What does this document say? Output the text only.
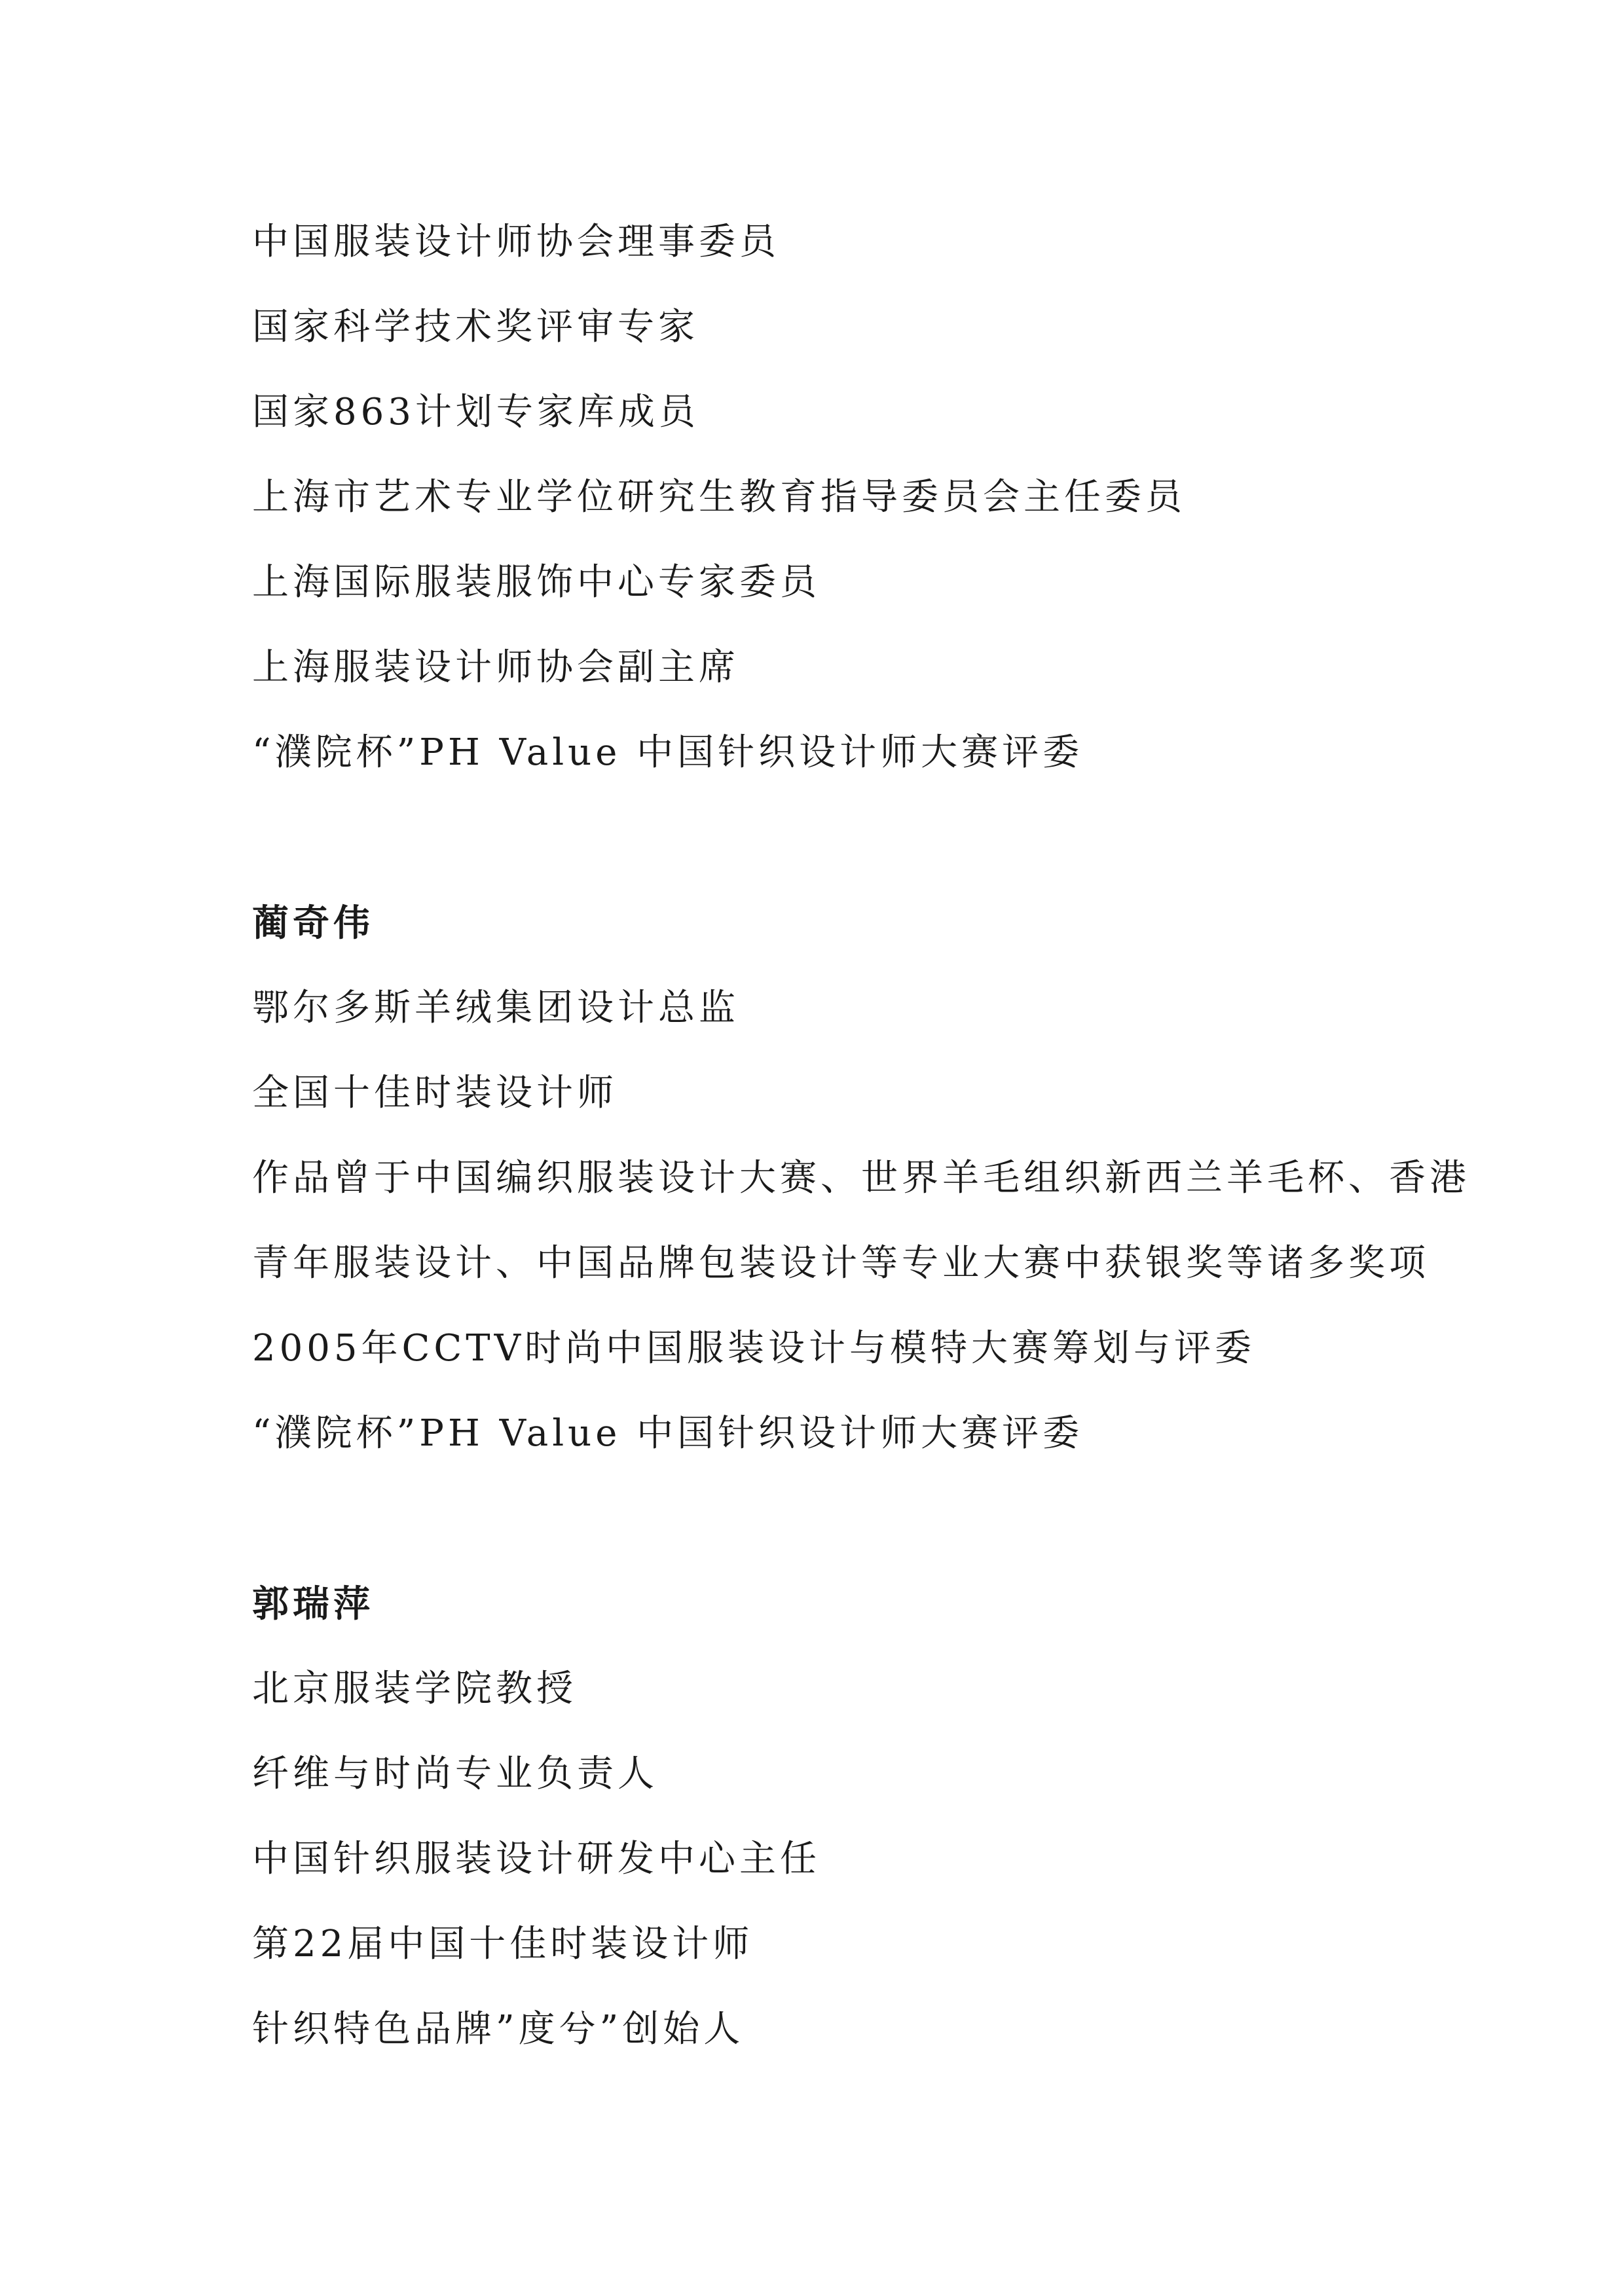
中国服装设计师协会理事委员
国家科学技术奖评审专家
国家863计划专家库成员
上海市艺术专业学位研究生教育指导委员会主任委员
上海国际服装服饰中心专家委员
上海服装设计师协会副主席
“濮院杯”PH Value 中国针织设计师大赛评委
蔺奇伟
鄂尔多斯羊绒集团设计总监
全国十佳时装设计师
作品曾于中国编织服装设计大赛、世界羊毛组织新西兰羊毛杯、香港
青年服装设计、中国品牌包装设计等专业大赛中获银奖等诸多奖项
2005年CCTV时尚中国服装设计与模特大赛筹划与评委
“濮院杯”PH Value 中国针织设计师大赛评委
郭瑞萍
北京服装学院教授
纤维与时尚专业负责人
中国针织服装设计研发中心主任
第22届中国十佳时装设计师
针织特色品牌”度兮”创始人
